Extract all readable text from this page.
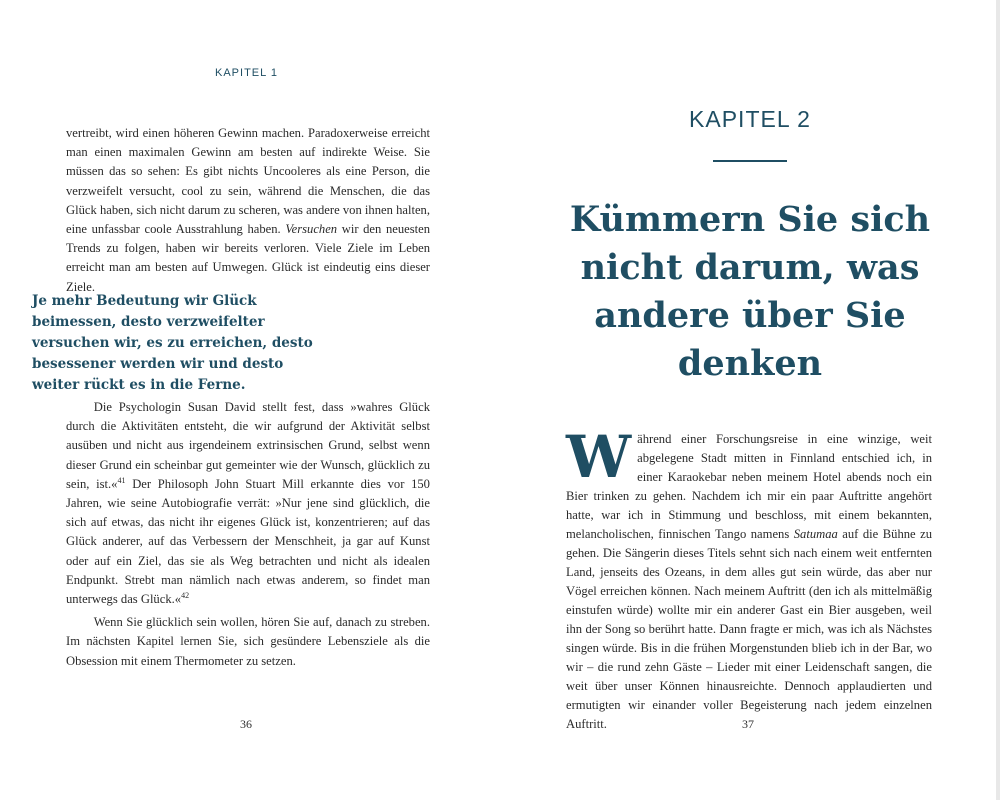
KAPITEL 1

vertreibt, wird einen höheren Gewinn machen. Paradoxerweise erreicht man einen maximalen Gewinn am besten auf indirekte Weise. Sie müssen das so sehen: Es gibt nichts Uncooleres als eine Person, die verzweifelt versucht, cool zu sein, während die Menschen, die das Glück haben, sich nicht darum zu scheren, was andere von ihnen halten, eine unfassbar coole Ausstrahlung haben. Versuchen wir den neuesten Trends zu folgen, haben wir bereits verloren. Viele Ziele im Leben erreicht man am besten auf Umwegen. Glück ist eindeutig eins dieser Ziele.

Je mehr Bedeutung wir Glück beimessen, desto verzweifelter versuchen wir, es zu erreichen, desto besessener werden wir und desto weiter rückt es in die Ferne.

Die Psychologin Susan David stellt fest, dass »wahres Glück durch die Aktivitäten entsteht, die wir aufgrund der Aktivität selbst ausüben und nicht aus irgendeinem extrinsischen Grund, selbst wenn dieser Grund ein scheinbar gut gemeinter wie der Wunsch, glücklich zu sein, ist.«$^{41}$ Der Philosoph John Stuart Mill erkannte dies vor 150 Jahren, wie seine Autobiografie verrät: »Nur jene sind glücklich, die sich auf etwas, das nicht ihr eigenes Glück ist, konzentrieren; auf das Glück anderer, auf das Verbessern der Menschheit, ja gar auf Kunst oder auf ein Ziel, das sie als Weg betrachten und nicht als idealen Endpunkt. Strebt man nämlich nach etwas anderem, so findet man unterwegs das Glück.«$^{42}$

Wenn Sie glücklich sein wollen, hören Sie auf, danach zu streben. Im nächsten Kapitel lernen Sie, sich gesündere Lebensziele als die Obsession mit einem Thermometer zu setzen.

36
KAPITEL 2
Kümmern Sie sich nicht darum, was andere über Sie denken
Während einer Forschungsreise in eine winzige, weit abgelegene Stadt mitten in Finnland entschied ich, in einer Karaokebar neben meinem Hotel abends noch ein Bier trinken zu gehen. Nachdem ich mir ein paar Auftritte angehört hatte, war ich in Stimmung und beschloss, mit einem bekannten, melancholischen, finnischen Tango namens Satumaa auf die Bühne zu gehen. Die Sängerin dieses Titels sehnt sich nach einem weit entfernten Land, jenseits des Ozeans, in dem alles gut sein würde, das aber nur Vögel erreichen können. Nach meinem Auftritt (den ich als mittelmäßig einstufen würde) wollte mir ein anderer Gast ein Bier ausgeben, weil ihn der Song so berührt hatte. Dann fragte er mich, was ich als Nächstes singen würde. Bis in die frühen Morgenstunden blieb ich in der Bar, wo wir – die rund zehn Gäste – Lieder mit einer Leidenschaft sangen, die weit über unser Können hinausreichte. Dennoch applaudierten und ermutigten wir einander voller Begeisterung nach jedem einzelnen Auftritt.	37
